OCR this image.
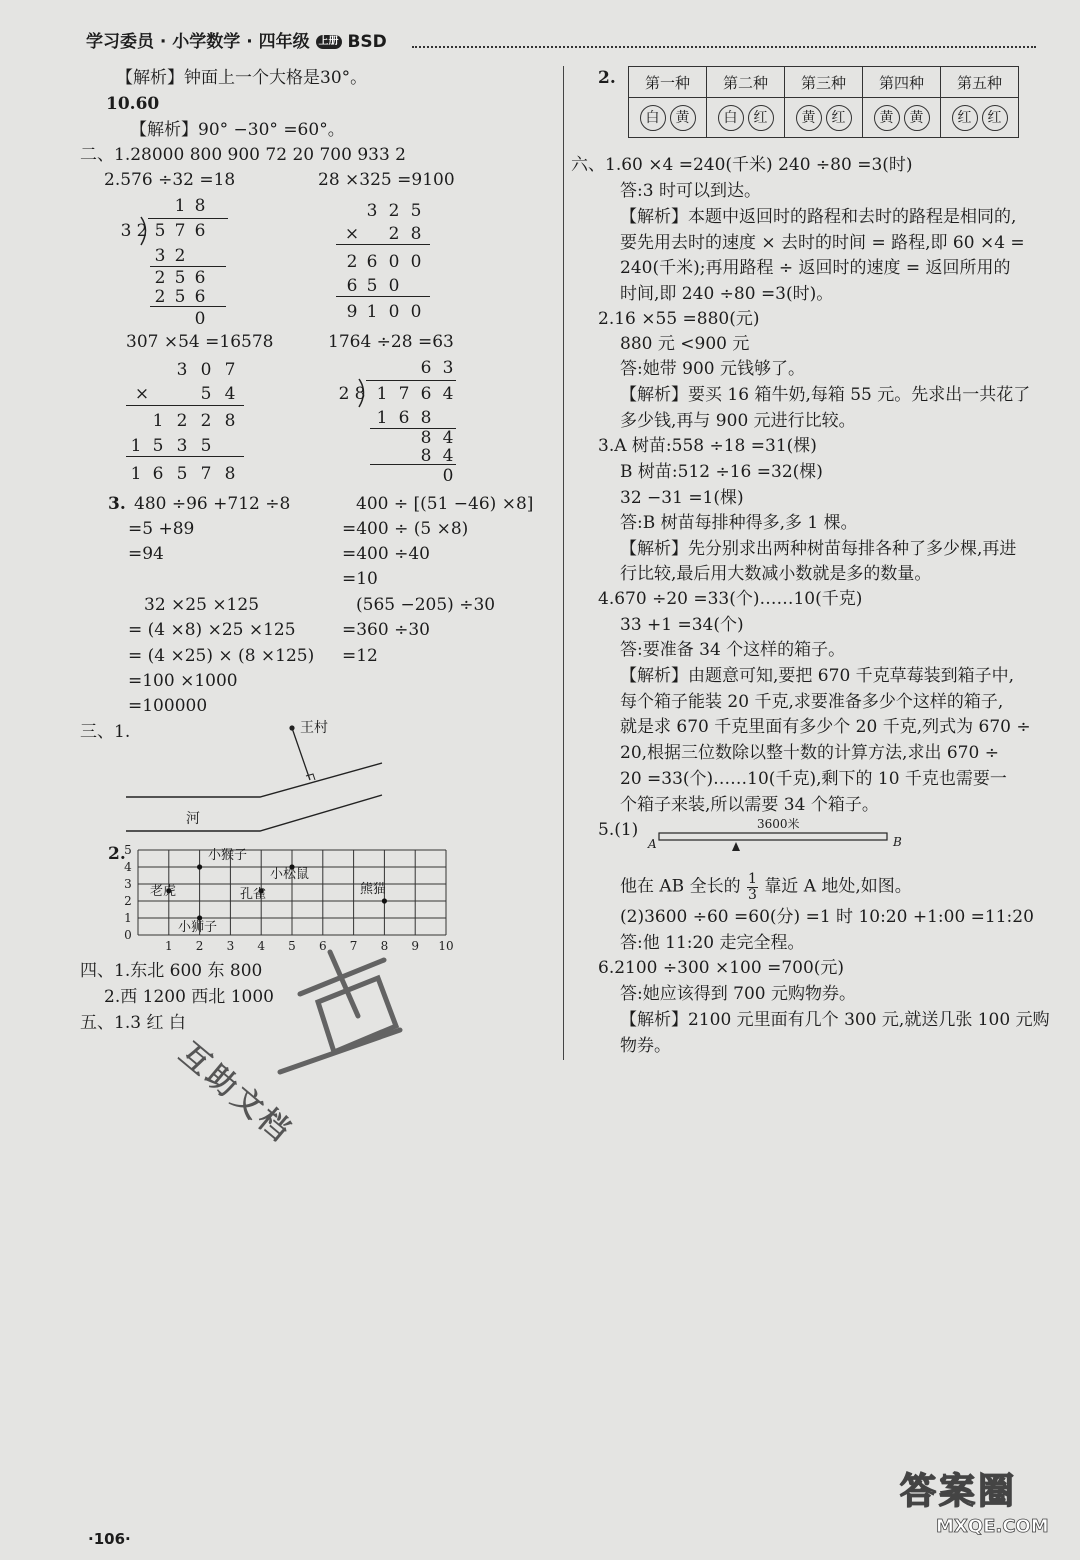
学习委员 · 小学数学 · 四年级 上册 BSD
【解析】钟面上一个大格是30°。
10.60
【解析】90° −30° =60°。
二、1.28000 800 900 72 20 700 933 2
2.576 ÷32 =18	28 ×325 =9100
1 8
3 2 5 7 6
3 2
2 5 6
2 5 6
0
3 2 5
× 2 8
2 6 0 0
6 5 0
9 1 0 0
307 ×54 =16578	1764 ÷28 =63
3 0 7
×	5 4
1 2 2 8
1 5 3 5
1 6 5 7 8
6 3
2 8 1 7 6 4
1 6 8
8 4
8 4
0
3. 480 ÷96 +712 ÷8
=5 +89
=94
400 ÷ [(51 −46) ×8]
=400 ÷ (5 ×8)
=400 ÷40
=10
32 ×25 ×125
= (4 ×8) ×25 ×125
= (4 ×25) × (8 ×125)
=100 ×1000
=100000
(565 −205) ÷30
=360 ÷30
=12
三、1.	王村
河
2.
1 2 3 4 5 6 7 8 9 10
0
1
2
3
4
5	小猴子
小松鼠
老虎	孔雀	熊猫
小狮子
四、1.东北 600 东 800
2.西 1200 西北 1000
五、1.3 红 白
互助文档
2. 第一种	第二种	第三种	第四种	第五种
白 黄	白 红	黄 红	黄 黄	红 红
六、1.60 ×4 =240(千米) 240 ÷80 =3(时)
答:3 时可以到达。
【解析】本题中返回时的路程和去时的路程是相同的,
要先用去时的速度 × 去时的时间 = 路程,即 60 ×4 =
240(千米);再用路程 ÷ 返回时的速度 = 返回所用的
时间,即 240 ÷80 =3(时)。
2.16 ×55 =880(元)
880 元 <900 元
答:她带 900 元钱够了。
【解析】要买 16 箱牛奶,每箱 55 元。先求出一共花了
多少钱,再与 900 元进行比较。
3.A 树苗:558 ÷18 =31(棵)
B 树苗:512 ÷16 =32(棵)
32 −31 =1(棵)
答:B 树苗每排种得多,多 1 棵。
【解析】先分别求出两种树苗每排各种了多少棵,再进
行比较,最后用大数减小数就是多的数量。
4.670 ÷20 =33(个)……10(千克)
33 +1 =34(个)
答:要准备 34 个这样的箱子。
【解析】由题意可知,要把 670 千克草莓装到箱子中,
每个箱子能装 20 千克,求要准备多少个这样的箱子,
就是求 670 千克里面有多少个 20 千克,列式为 670 ÷
20,根据三位数除以整十数的计算方法,求出 670 ÷
20 =33(个)……10(千克),剩下的 10 千克也需要一
个箱子来装,所以需要 34 个箱子。
5.(1)	3600米
A	B
他在 AB 全长的 $\frac{1}{3}$ 靠近 A 地处,如图。
(2)3600 ÷60 =60(分) =1 时 10:20 +1:00 =11:20
答:他 11:20 走完全程。
6.2100 ÷300 ×100 =700(元)
答:她应该得到 700 元购物券。
【解析】2100 元里面有几个 300 元,就送几张 100 元购
物券。
·106·
答案圈
MXQE.COM
